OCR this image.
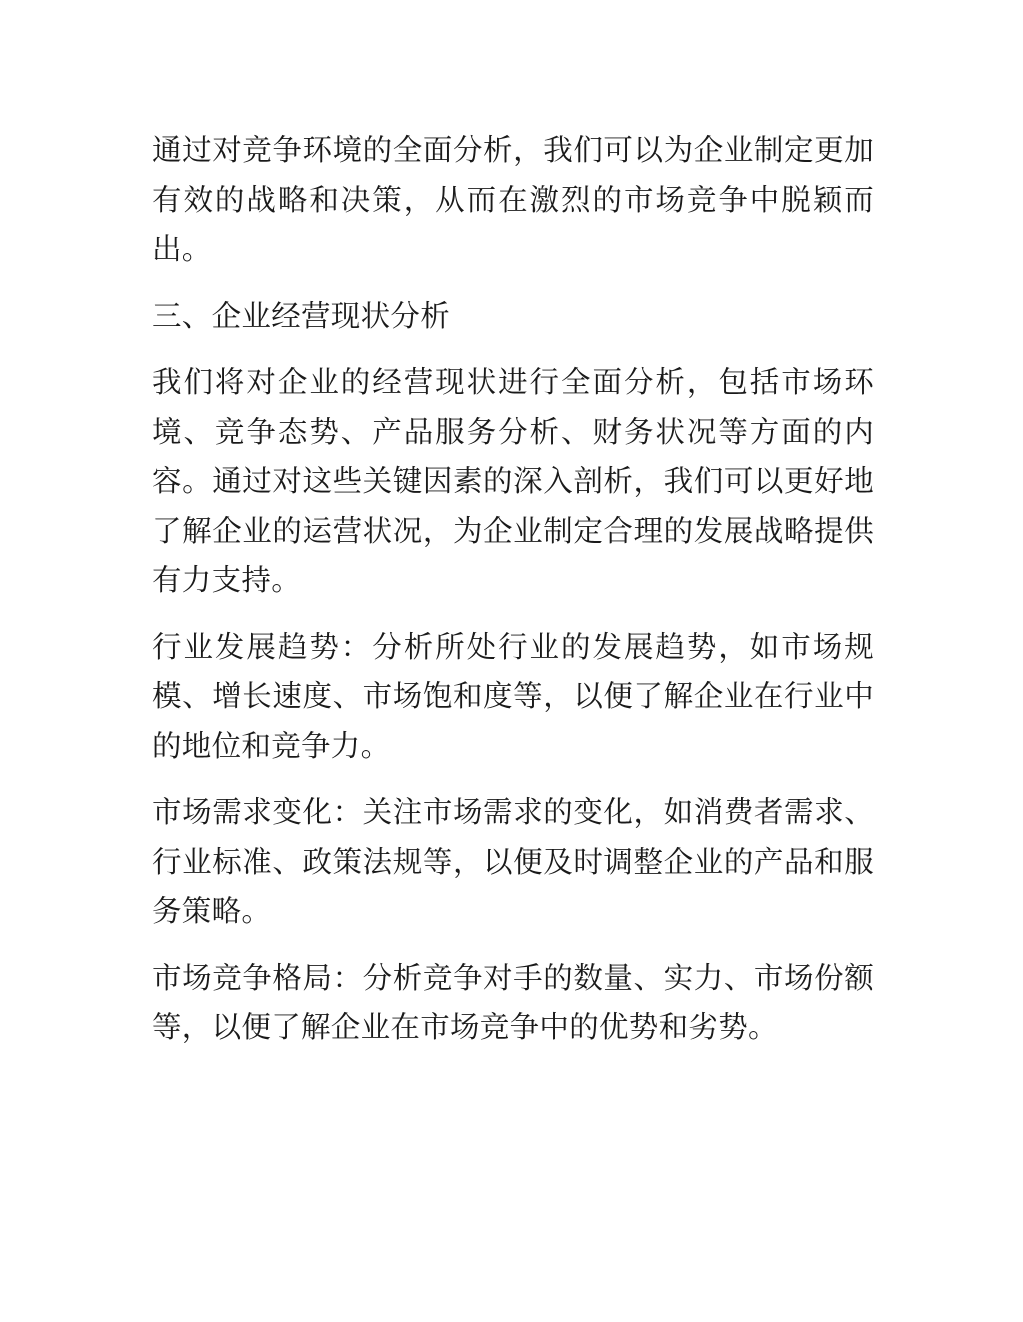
通过对竞争环境的全面分析，我们可以为企业制定更加有效的战略和决策，从而在激烈的市场竞争中脱颖而出。

三、企业经营现状分析

我们将对企业的经营现状进行全面分析，包括市场环境、竞争态势、产品服务分析、财务状况等方面的内容。通过对这些关键因素的深入剖析，我们可以更好地了解企业的运营状况，为企业制定合理的发展战略提供有力支持。

行业发展趋势：分析所处行业的发展趋势，如市场规模、增长速度、市场饱和度等，以便了解企业在行业中的地位和竞争力。

市场需求变化：关注市场需求的变化，如消费者需求、行业标准、政策法规等，以便及时调整企业的产品和服务策略。

市场竞争格局：分析竞争对手的数量、实力、市场份额等，以便了解企业在市场竞争中的优势和劣势。
